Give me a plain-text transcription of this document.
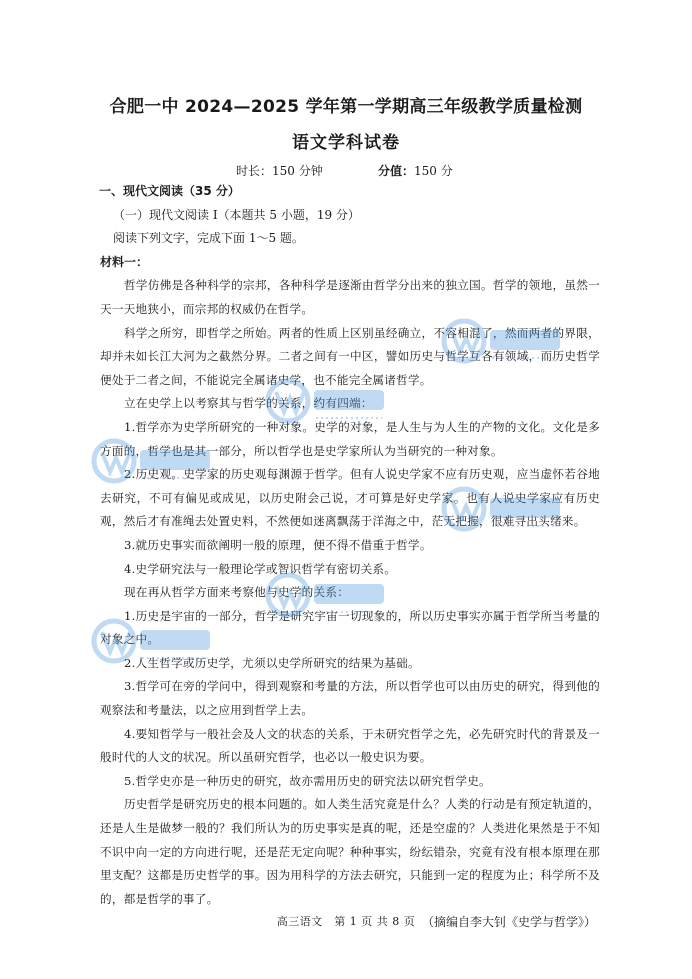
合肥一中 2024—2025 学年第一学期高三年级教学质量检测
语文学科试卷
时长：150 分钟	分值：150 分
一、现代文阅读（35 分）
（一）现代文阅读 I（本题共 5 小题，19 分）
阅读下列文字，完成下面 1～5 题。
材料一：
哲学仿佛是各种科学的宗邦，各种科学是逐渐由哲学分出来的独立国。哲学的领地，虽然一天一天地狭小，而宗邦的权威仍在哲学。
科学之所穷，即哲学之所始。两者的性质上区别虽经确立，不容相混了，然而两者的界限，却并未如长江大河为之截然分界。二者之间有一中区，譬如历史与哲学互各有领域，而历史哲学便处于二者之间，不能说完全属诸史学，也不能完全属诸哲学。
立在史学上以考察其与哲学的关系，约有四端：
1.哲学亦为史学所研究的一种对象。史学的对象，是人生与为人生的产物的文化。文化是多方面的，哲学也是其一部分，所以哲学也是史学家所认为当研究的一种对象。
2.历史观。史学家的历史观每渊源于哲学。但有人说史学家不应有历史观，应当虚怀若谷地去研究，不可有偏见或成见，以历史附会己说，才可算是好史学家。也有人说史学家应有历史观，然后才有准绳去处置史料，不然便如迷离飘荡于洋海之中，茫无把握，很难寻出头绪来。
3.就历史事实而欲阐明一般的原理，便不得不借重于哲学。
4.史学研究法与一般理论学或智识哲学有密切关系。
现在再从哲学方面来考察他与史学的关系：
1.历史是宇宙的一部分，哲学是研究宇宙一切现象的，所以历史事实亦属于哲学所当考量的对象之中。
2.人生哲学或历史学，尤须以史学所研究的结果为基础。
3.哲学可在旁的学问中，得到观察和考量的方法，所以哲学也可以由历史的研究，得到他的观察法和考量法，以之应用到哲学上去。
4.要知哲学与一般社会及人文的状态的关系，于未研究哲学之先，必先研究时代的背景及一般时代的人文的状况。所以虽研究哲学，也必以一般史识为要。
5.哲学史亦是一种历史的研究，故亦需用历史的研究法以研究哲学史。
历史哲学是研究历史的根本问题的。如人类生活究竟是什么？人类的行动是有预定轨道的，还是人生是做梦一般的？我们所认为的历史事实是真的呢，还是空虚的？人类进化果然是于不知不识中向一定的方向进行呢，还是茫无定向呢？种种事实，纷纭错杂，究竟有没有根本原理在那里支配？这都是历史哲学的事。因为用科学的方法去研究，只能到一定的程度为止；科学所不及的，都是哲学的事了。
（摘编自李大钊《史学与哲学》）
高三语文　第 1 页 共 8 页
